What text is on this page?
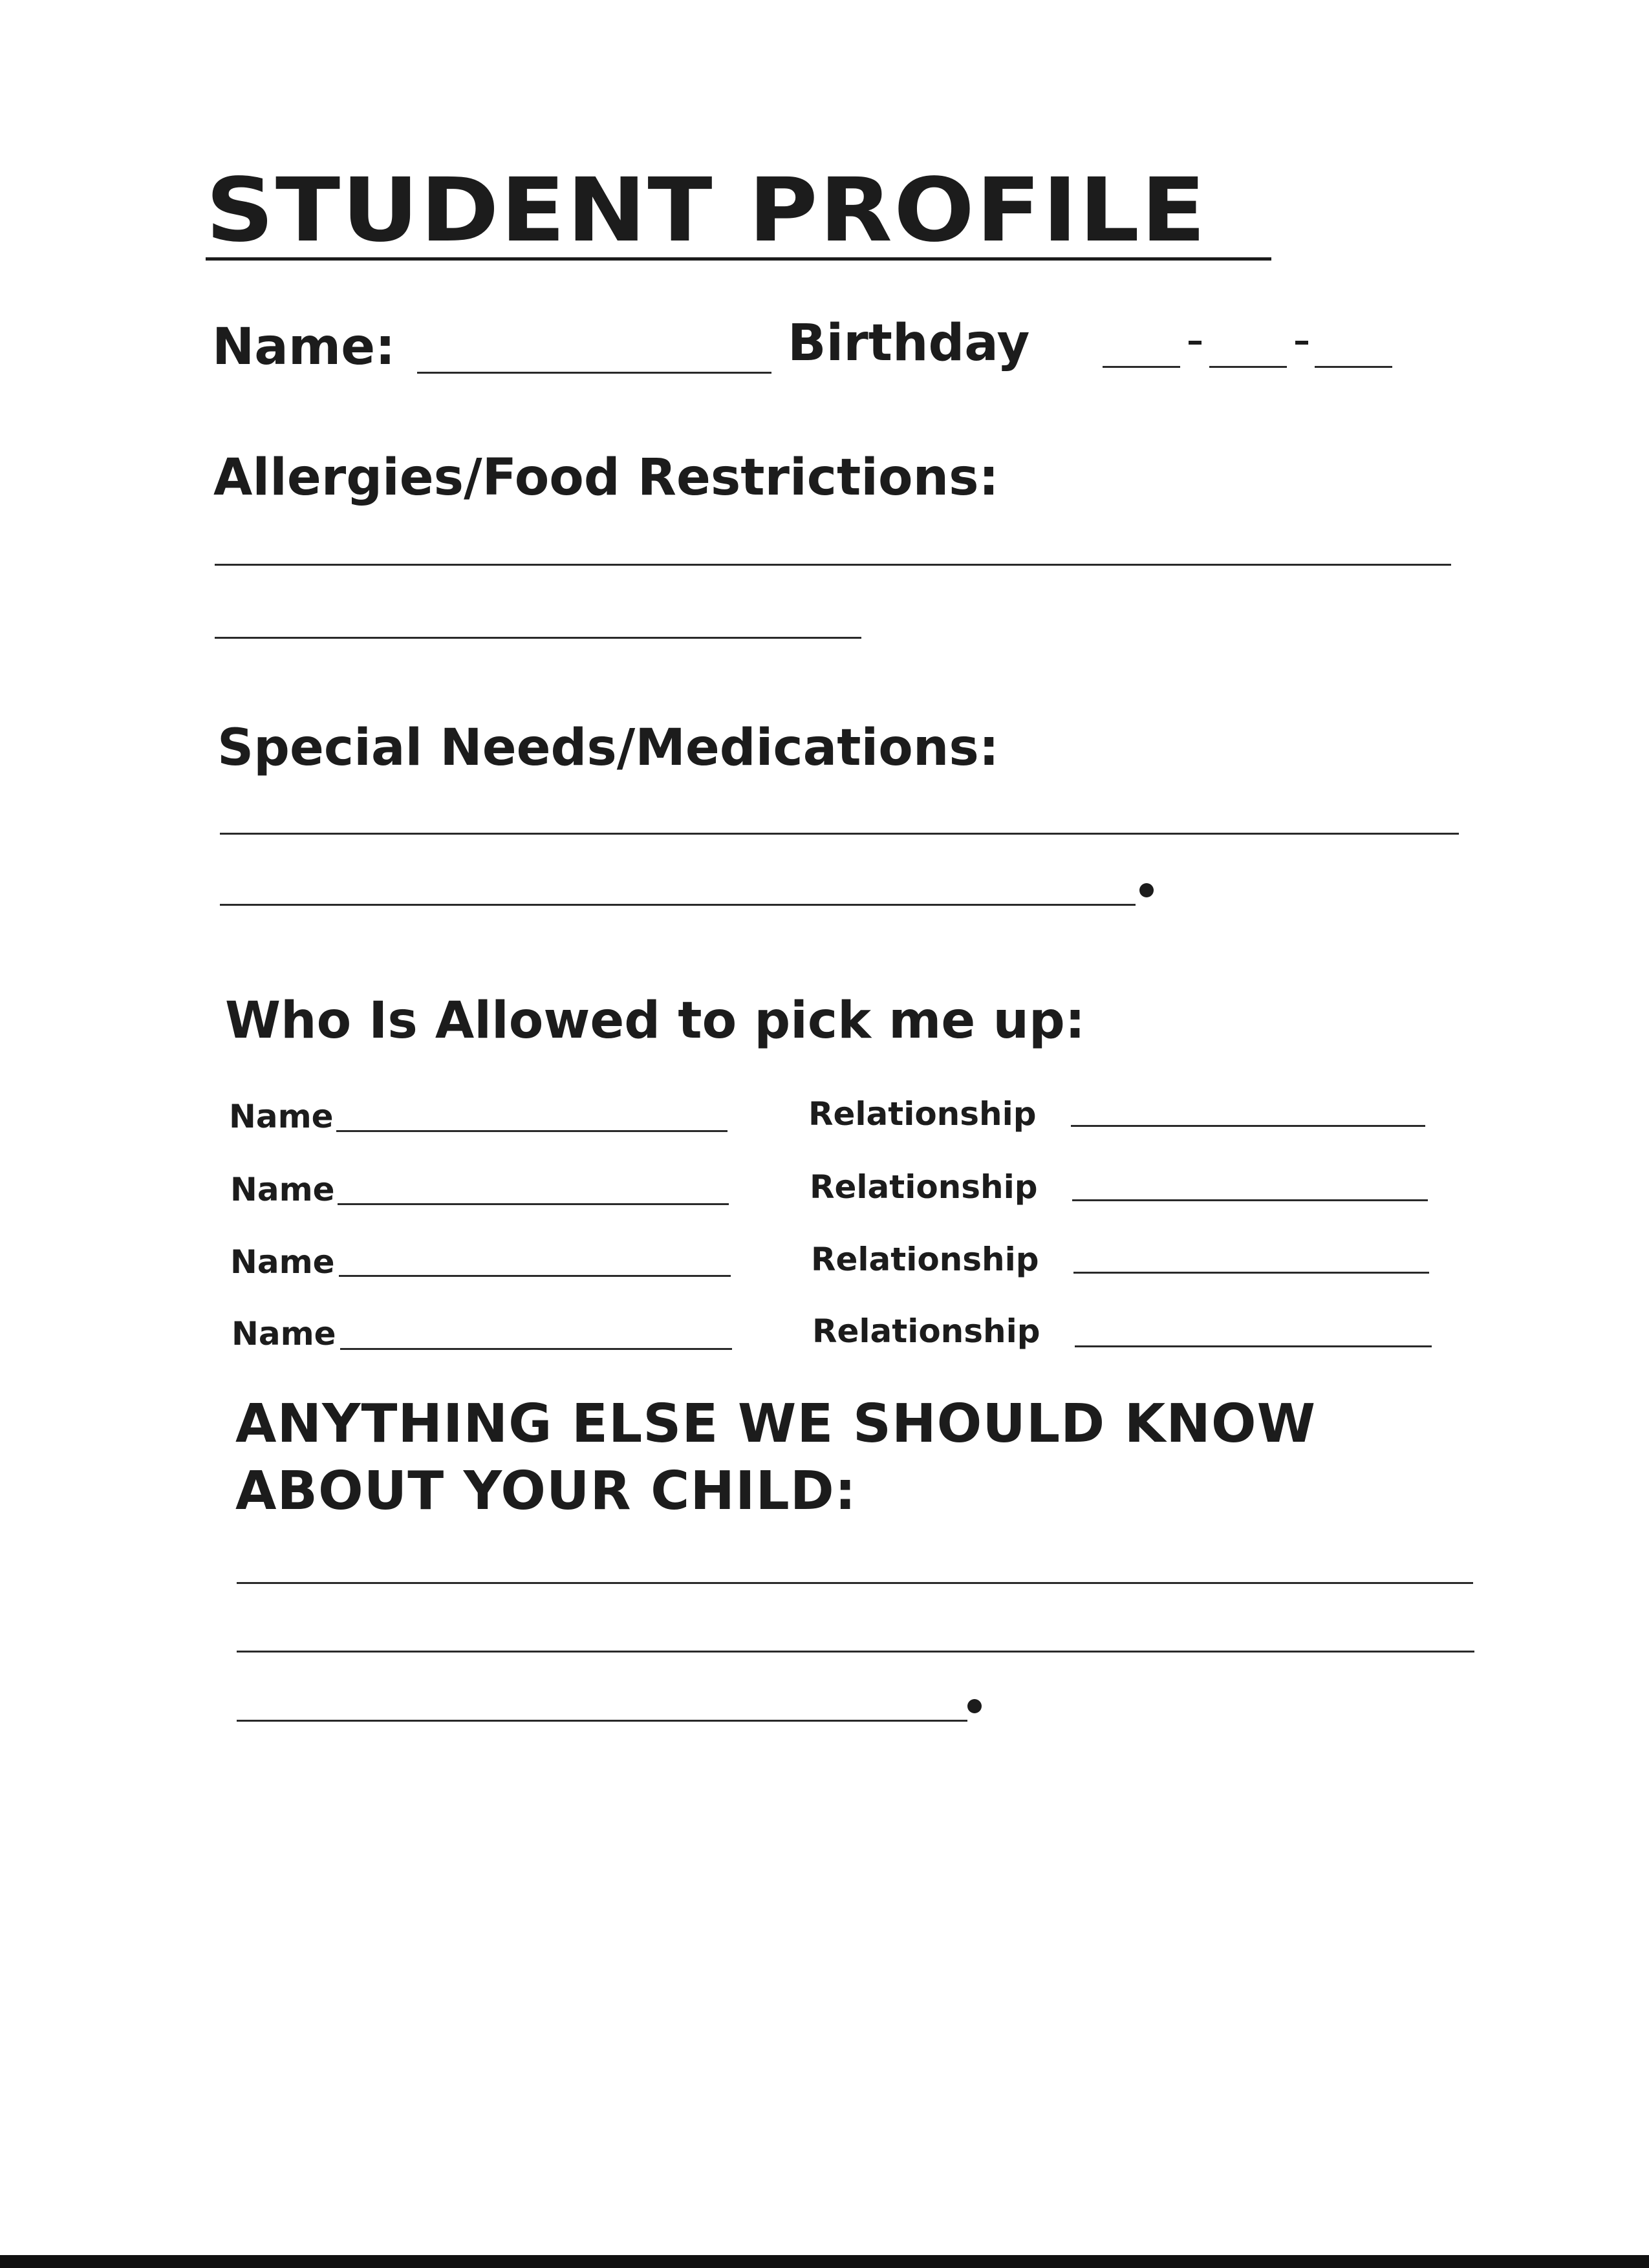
STUDENT PROFILE
Name:	Birthday
Allergies/Food Restrictions:
Special Needs/Medications:
Who Is Allowed to pick me up:
Name	Relationship
Name	Relationship
Name	Relationship
Name	Relationship
ANYTHING ELSE WE SHOULD KNOW
ABOUT YOUR CHILD:
